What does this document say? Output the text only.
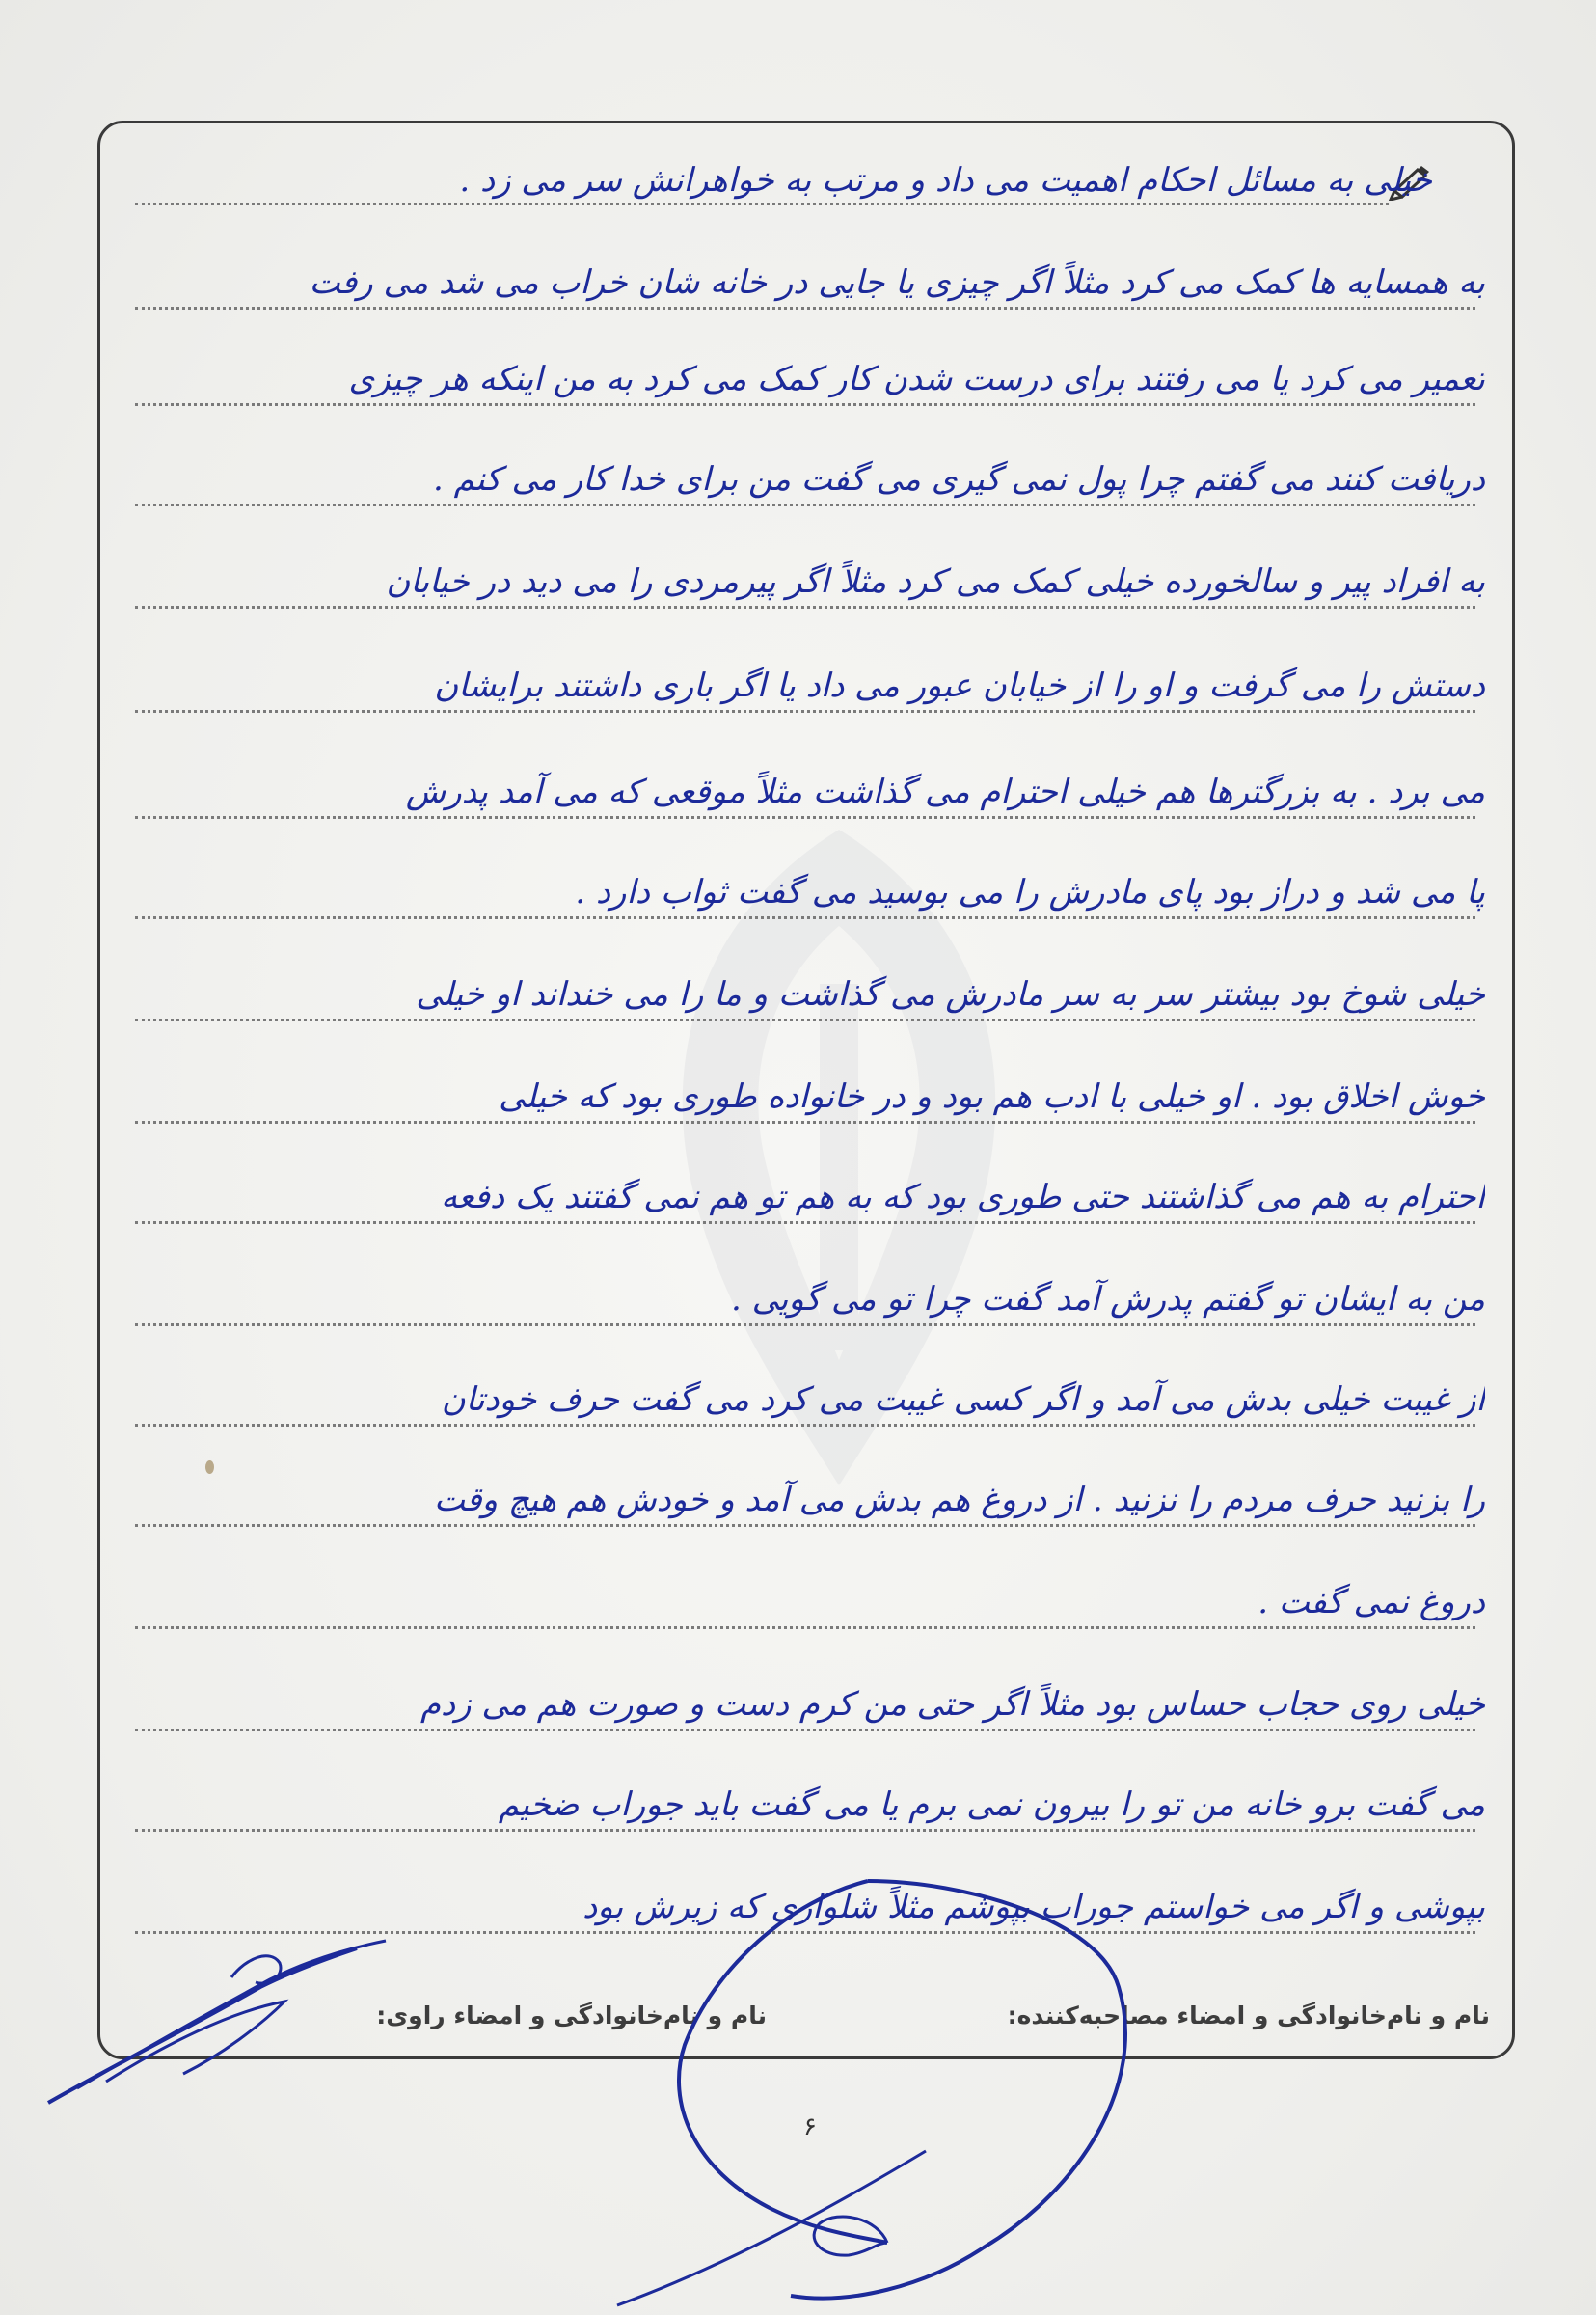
خیلی به مسائل احکام اهمیت می داد و مرتب به خواهرانش سر می زد .
به همسایه ها کمک می کرد مثلاً اگر چیزی یا جایی در خانه شان خراب می شد می رفت
تعمیر می کرد یا می رفتند برای درست شدن کار کمک می کرد به من اینکه هر چیزی
دریافت کنند می گفتم چرا پول نمی گیری می گفت من برای خدا کار می کنم .
به افراد پیر و سالخورده خیلی کمک می کرد مثلاً اگر پیرمردی را می دید در خیابان
دستش را می گرفت و او را از خیابان عبور می داد یا اگر باری داشتند برایشان
می برد . به بزرگترها هم خیلی احترام می گذاشت مثلاً موقعی که می آمد پدرش
پا می شد و دراز بود پای مادرش را می بوسید می گفت ثواب دارد .
خیلی شوخ بود بیشتر سر به سر مادرش می گذاشت و ما را می خنداند او خیلی
خوش اخلاق بود . او خیلی با ادب هم بود و در خانواده طوری بود که خیلی
احترام به هم می گذاشتند حتی طوری بود که به هم تو هم نمی گفتند یک دفعه
من به ایشان تو گفتم پدرش آمد گفت چرا تو می گویی .
از غیبت خیلی بدش می آمد و اگر کسی غیبت می کرد می گفت حرف خودتان
را بزنید حرف مردم را نزنید . از دروغ هم بدش می آمد و خودش هم هیچ وقت
دروغ نمی گفت .
خیلی روی حجاب حساس بود مثلاً اگر حتی من کرم دست و صورت هم می زدم
می گفت برو خانه من تو را بیرون نمی برم یا می گفت باید جوراب ضخیم
بپوشی و اگر می خواستم جوراب بپوشم مثلاً شلواری که زیرش بود
نام و نام‌خانوادگی و امضاء مصاحبه‌کننده:
نام و نام‌خانوادگی و امضاء راوی:
۶
